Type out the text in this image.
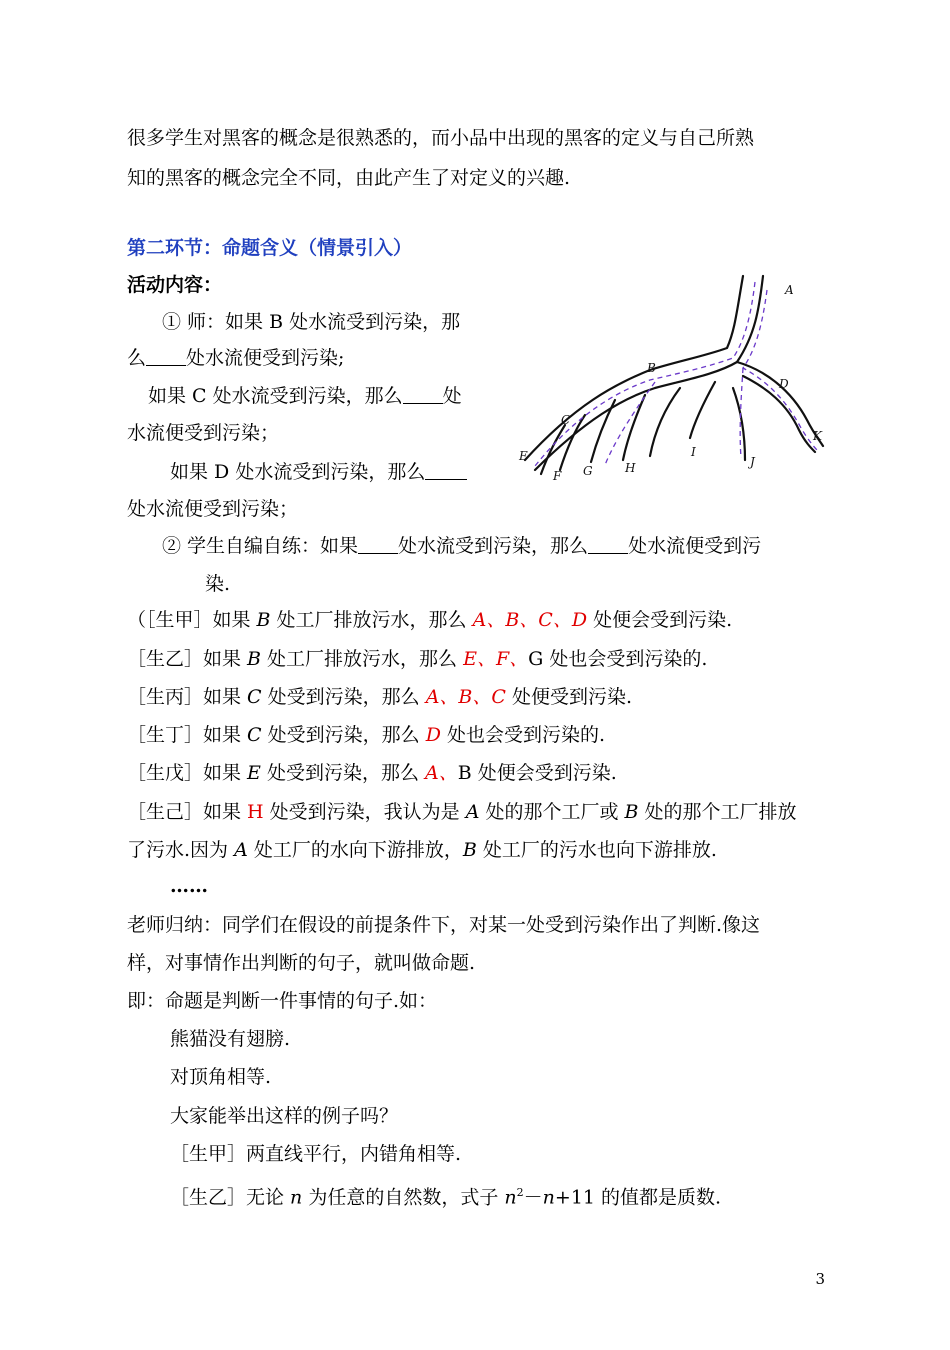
很多学生对黑客的概念是很熟悉的，而小品中出现的黑客的定义与自己所熟
知的黑客的概念完全不同，由此产生了对定义的兴趣.
第二环节：命题含义（情景引入）
活动内容：
① 师：如果 B 处水流受到污染，那
么 处水流便受到污染;
如果 C 处水流受到污染，那么 处
水流便受到污染；
如果 D 处水流受到污染，那么
处水流便受到污染；
② 学生自编自练：如果 处水流受到污染，那么 处水流便受到污
染.
（［生甲］如果 B 处工厂排放污水，那么 A、B、C、D 处便会受到污染.
［生乙］如果 B 处工厂排放污水，那么 E、F、G 处也会受到污染的.
［生丙］如果 C 处受到污染，那么 A、B、C 处便受到污染.
［生丁］如果 C 处受到污染，那么 D 处也会受到污染的.
［生戊］如果 E 处受到污染，那么 A、B 处便会受到污染.
［生己］如果 H 处受到污染，我认为是 A 处的那个工厂或 B 处的那个工厂排放
了污水.因为 A 处工厂的水向下游排放，B 处工厂的污水也向下游排放.
……
老师归纳：同学们在假设的前提条件下，对某一处受到污染作出了判断.像这
样，对事情作出判断的句子，就叫做命题.
即：命题是判断一件事情的句子.如：
熊猫没有翅膀.
对顶角相等.
大家能举出这样的例子吗？
［生甲］两直线平行，内错角相等.
［生乙］无论 n 为任意的自然数，式子 $n^2-n+11$ 的值都是质数.
A
B
C
D
E
F G	H
I
J
K
3
